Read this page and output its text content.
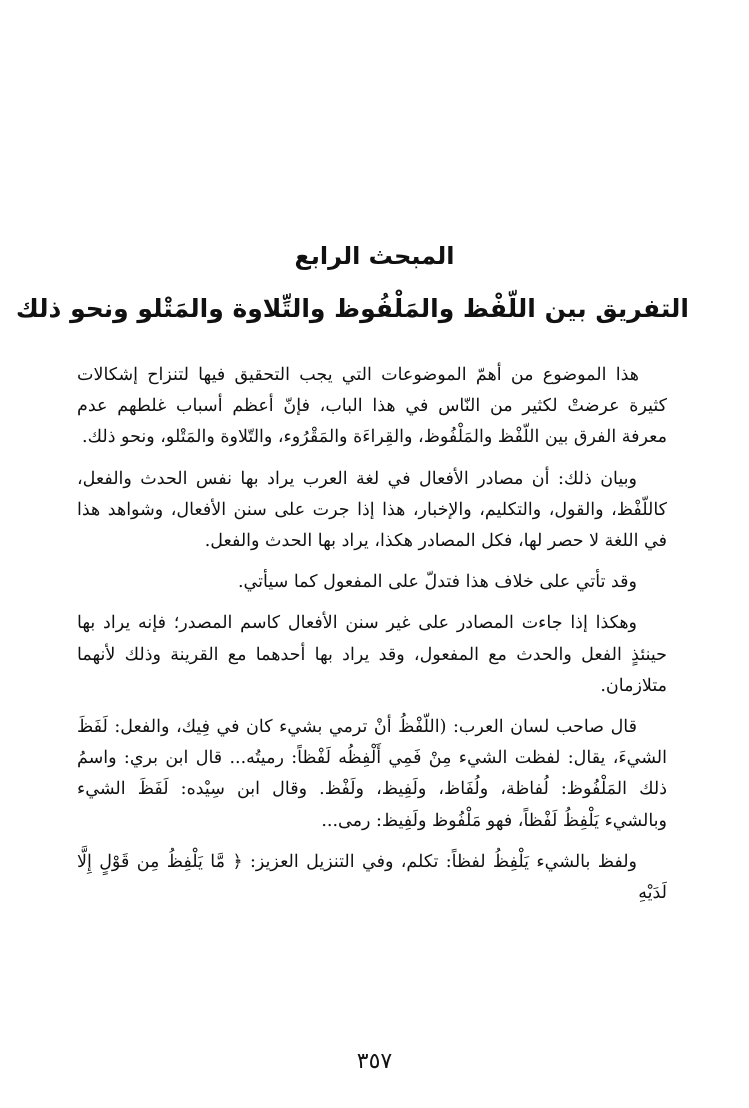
المبحث الرابع
التفريق بين اللّفْظ والمَلْفُوظ والتِّلاوة والمَتْلو ونحو ذلك

هذا الموضوع من أهمّ الموضوعات التي يجب التحقيق فيها لتنزاح إشكالات كثيرة عرضتْ لكثير من النّاس في هذا الباب، فإنّ أعظم أسباب غلطهم عدم معرفة الفرق بين اللّفْظ والمَلْفُوظ، والقِراءَة والمَقْرُوء، والتّلاوة والمَتْلو، ونحو ذلك.

وبيان ذلك: أن مصادر الأفعال في لغة العرب يراد بها نفس الحدث والفعل، كاللّفْظ، والقول، والتكليم، والإخبار، هذا إذا جرت على سنن الأفعال، وشواهد هذا في اللغة لا حصر لها، فكل المصادر هكذا، يراد بها الحدث والفعل.

وقد تأتي على خلاف هذا فتدلّ على المفعول كما سيأتي.

وهكذا إذا جاءت المصادر على غير سنن الأفعال كاسم المصدر؛ فإنه يراد بها حينئذٍ الفعل والحدث مع المفعول، وقد يراد بها أحدهما مع القرينة وذلك لأنهما متلازمان.

قال صاحب لسان العرب: (اللّفْظُ أنْ ترمي بشيء كان في فِيك، والفعل: لَفَظَ الشيءَ، يقال: لفظت الشيء مِنْ فَمِي أَلْفِظُه لَفْظاً: رميتُه... قال ابن بري: واسمُ ذلك المَلْفُوظ: لُفاظة، ولُفَاظ، ولَفِيظ، ولَفْظ. وقال ابن سِيْده: لَفَظَ الشيء وبالشيء يَلْفِظُ لَفْظاً، فهو مَلْفُوظ ولَفِيظ: رمى...

ولفظ بالشيء يَلْفِظُ لفظاً: تكلم، وفي التنزيل العزيز: ﴿ مَّا يَلْفِظُ مِن قَوْلٍ إِلَّا لَدَيْهِ

٣٥٧
